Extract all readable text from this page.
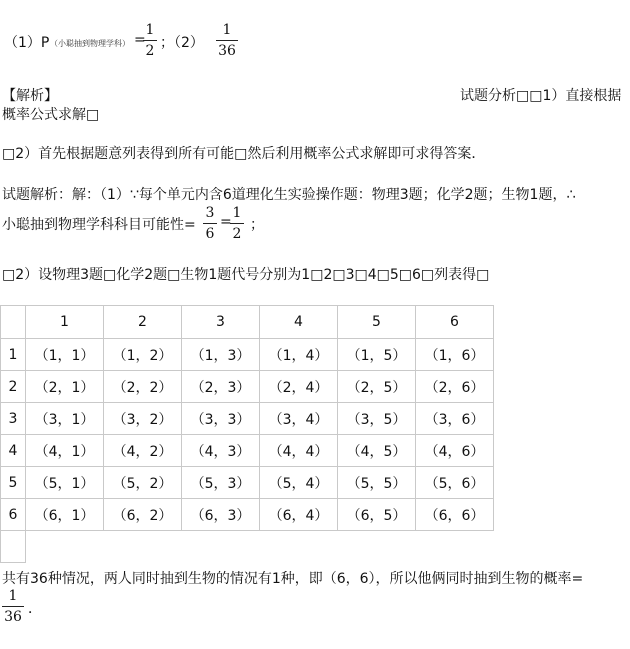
（1）P （小聪抽到物理学科） =
1
2 ；（2）
1
36
【解析】	试题分析□□1）直接根据
概率公式求解□
□2）首先根据题意列表得到所有可能□然后利用概率公式求解即可求得答案．
试题解析：解：（1）∵每个单元内含6道理化生实验操作题：物理3题；化学2题；生物1题，∴
小聪抽到物理学科科目可能性=
3
6
=
1
2
；
□2）设物理3题□化学2题□生物1题代号分别为1□2□3□4□5□6□列表得□
	1	2	3	4	5	6
1	（1，1）	（1，2）	（1，3）	（1，4）	（1，5）	（1，6）
2	（2，1）	（2，2）	（2，3）	（2，4）	（2，5）	（2，6）
3	（3，1）	（3，2）	（3，3）	（3，4）	（3，5）	（3，6）
4	（4，1）	（4，2）	（4，3）	（4，4）	（4，5）	（4，6）
5	（5，1）	（5，2）	（5，3）	（5，4）	（5，5）	（5，6）
6	（6，1）	（6，2）	（6，3）	（6，4）	（6，5）	（6，6）

共有36种情况，两人同时抽到生物的情况有1种，即（6，6），所以他俩同时抽到生物的概率=
1
36 ．
